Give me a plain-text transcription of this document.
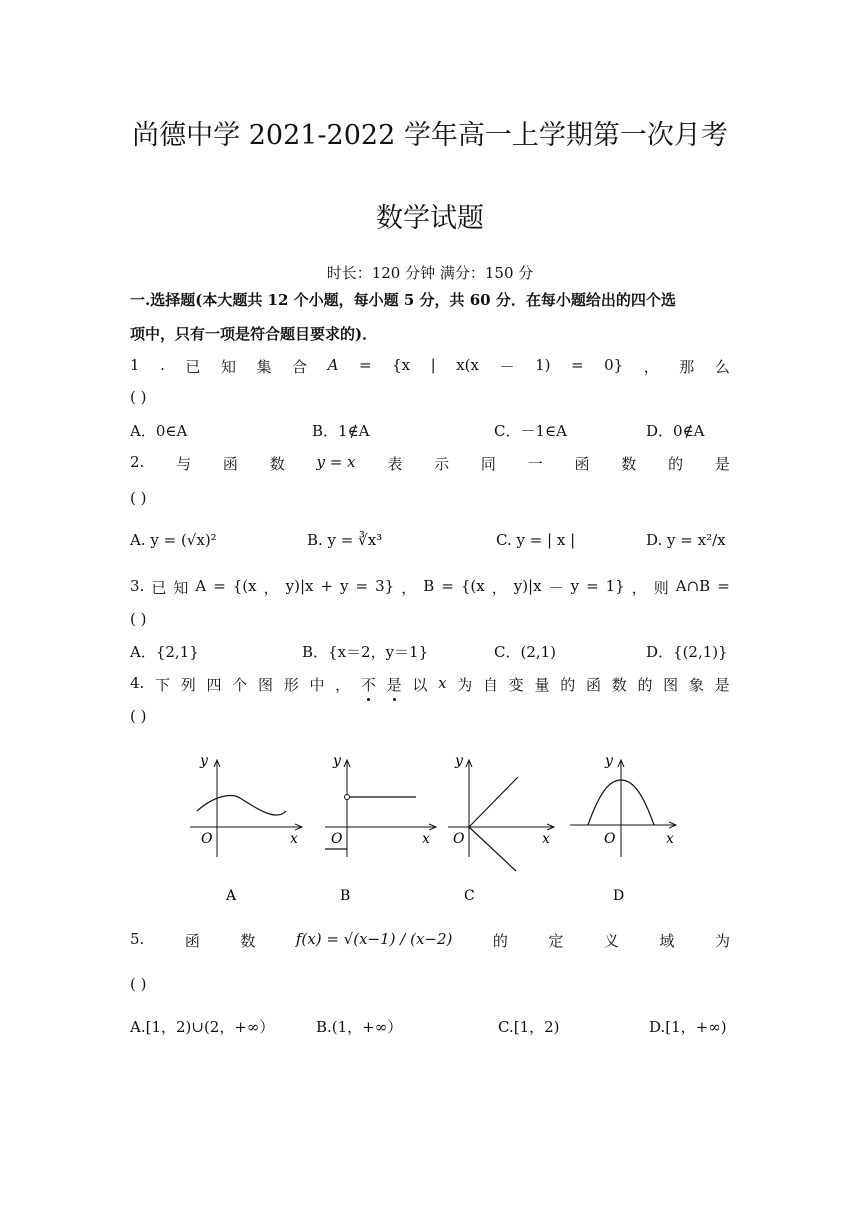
尚德中学 2021-2022 学年高一上学期第一次月考
数学试题
时长：120 分钟 满分：150 分
一.选择题(本大题共 12 个小题，每小题 5 分，共 60 分．在每小题给出的四个选
项中，只有一项是符合题目要求的)．
1 . 已 知 集 合 A = {x | x(x － 1) = 0} ， 那 么
( )
A．0∈A	B．1∉A	C．－1∈A	D．0∉A
2. 与 函 数 y = x 表 示 同 一 函 数 的 是
( )
A. y = (√x)²	B. y = ∛x³	C. y = | x |	D. y = x²/x
3. 已 知 A = {(x ， y)|x + y = 3} ， B = {(x ， y)|x － y = 1} ， 则 A∩B =
( )
A．{2,1}	B．{x＝2，y＝1}	C．(2,1)	D．{(2,1)}
4. 下 列 四 个 图 形 中 ， 不 是 以 x 为 自 变 量 的 函 数 的 图 象 是
( )
y
x
O
A
y
x
O
B
y
x
O
C
y
x
O
D
5.	函	数	f(x) = √(x−1) / (x−2)	的	定	义	域	为
( )
A.[1，2)∪(2，+∞）	B.(1，+∞）	C.[1，2)	D.[1，+∞)
